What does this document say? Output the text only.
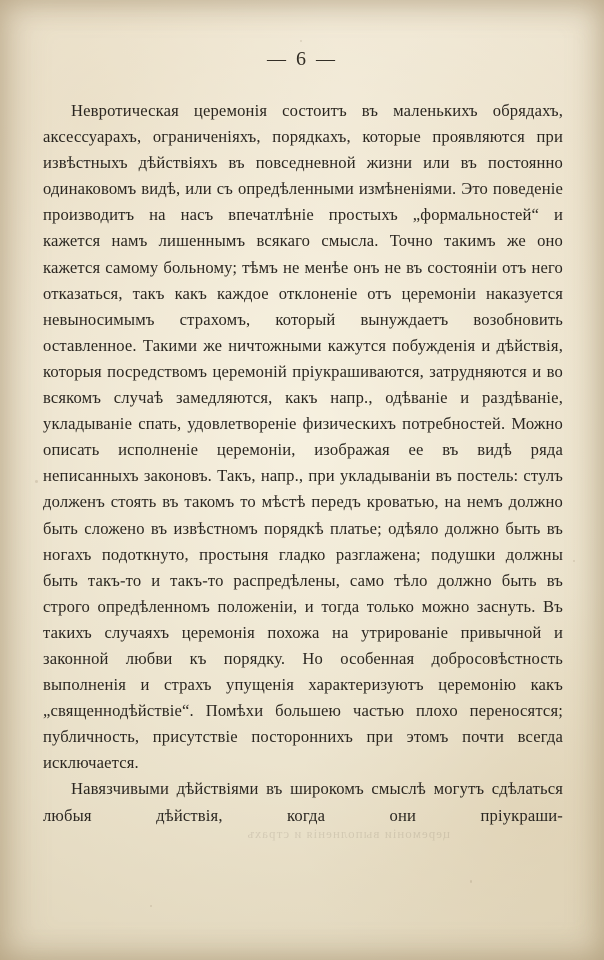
— 6 —

Невротическая церемонія состоитъ въ маленькихъ обрядахъ, аксессуарахъ, ограниченіяхъ, порядкахъ, которые проявляются при извѣстныхъ дѣйствіяхъ въ повседневной жизни или въ постоянно одинаковомъ видѣ, или съ опредѣленными измѣненіями. Это поведеніе производитъ на насъ впечатлѣніе простыхъ „формальностей“ и кажется намъ лишеннымъ всякаго смысла. Точно такимъ же оно кажется самому больному; тѣмъ не менѣе онъ не въ состояніи отъ него отказаться, такъ какъ каждое отклоненіе отъ церемоніи наказуется невыносимымъ страхомъ, который вынуждаетъ возобновить оставленное. Такими же ничтожными кажутся побужденія и дѣйствія, которыя посредствомъ церемоній пріукрашиваются, затрудняются и во всякомъ случаѣ замедляются, какъ напр., одѣваніе и раздѣваніе, укладываніе спать, удовлетвореніе физическихъ потребностей. Можно описать исполненіе церемоніи, изображая ее въ видѣ ряда неписанныхъ законовъ. Такъ, напр., при укладываніи въ постель: стулъ долженъ стоять въ такомъ то мѣстѣ передъ кроватью, на немъ должно быть сложено въ извѣстномъ порядкѣ платье; одѣяло должно быть въ ногахъ подоткнуто, простыня гладко разглажена; подушки должны быть такъ-то и такъ-то распредѣлены, само тѣло должно быть въ строго опредѣленномъ положеніи, и тогда только можно заснуть. Въ такихъ случаяхъ церемонія похожа на утрированіе привычной и законной любви къ порядку. Но особенная добросовѣстность выполненія и страхъ упущенія характеризуютъ церемонію какъ „священнодѣйствіе“. Помѣхи большею частью плохо переносятся; публичность, присутствіе постороннихъ при этомъ почти всегда исключается.

Навязчивыми дѣйствіями въ широкомъ смыслѣ могутъ сдѣлаться любыя дѣйствія, когда они пріукраши-

церемоніи выполненія и страхъ
